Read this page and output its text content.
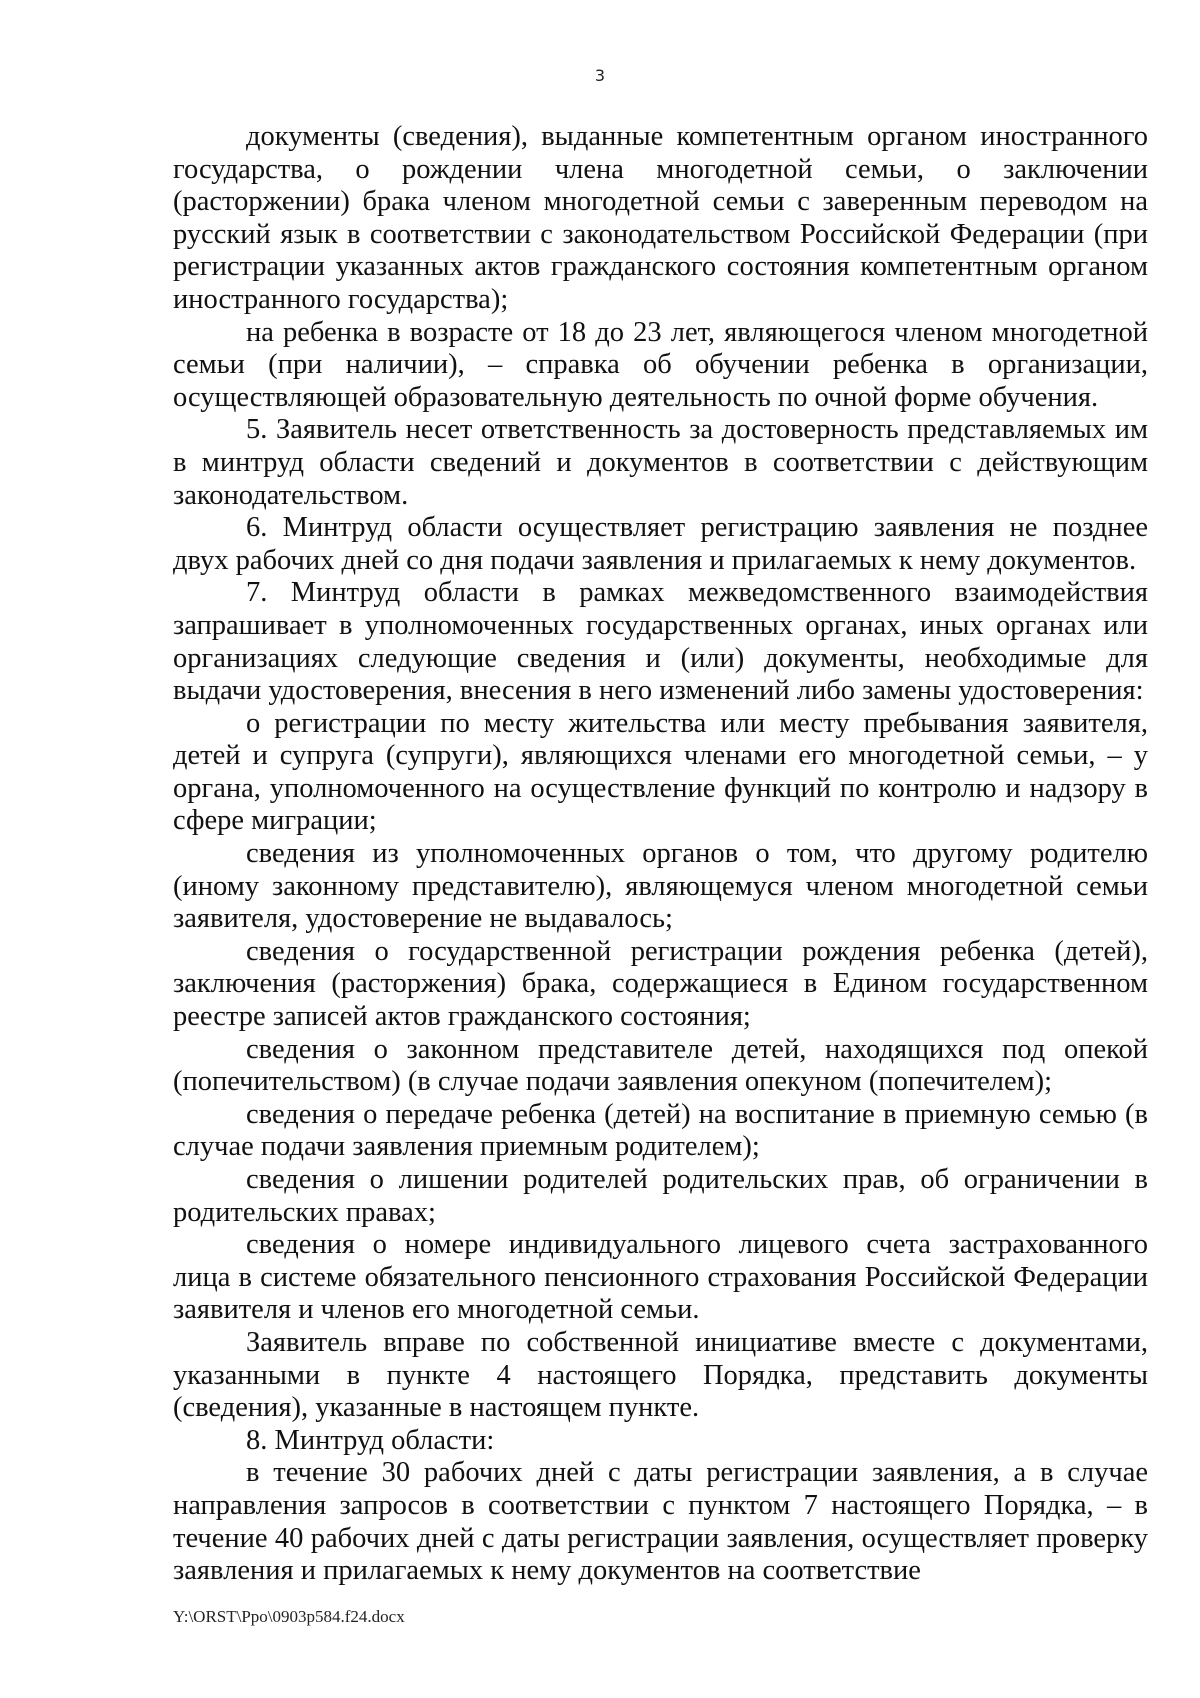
3

документы (сведения), выданные компетентным органом иностранного государства, о рождении члена многодетной семьи, о заключении (расторжении) брака членом многодетной семьи с заверенным переводом на русский язык в соответствии с законодательством Российской Федерации (при регистрации указанных актов гражданского состояния компетентным органом иностранного государства);

на ребенка в возрасте от 18 до 23 лет, являющегося членом многодетной семьи (при наличии), – справка об обучении ребенка в организации, осуществляющей образовательную деятельность по очной форме обучения.

5. Заявитель несет ответственность за достоверность представляемых им в минтруд области сведений и документов в соответствии с действующим законодательством.

6. Минтруд области осуществляет регистрацию заявления не позднее двух рабочих дней со дня подачи заявления и прилагаемых к нему документов.

7. Минтруд области в рамках межведомственного взаимодействия запрашивает в уполномоченных государственных органах, иных органах или организациях следующие сведения и (или) документы, необходимые для выдачи удостоверения, внесения в него изменений либо замены удостоверения:

о регистрации по месту жительства или месту пребывания заявителя, детей и супруга (супруги), являющихся членами его многодетной семьи, – у органа, уполномоченного на осуществление функций по контролю и надзору в сфере миграции;

сведения из уполномоченных органов о том, что другому родителю (иному законному представителю), являющемуся членом многодетной семьи заявителя, удостоверение не выдавалось;

сведения о государственной регистрации рождения ребенка (детей), заключения (расторжения) брака, содержащиеся в Едином государственном реестре записей актов гражданского состояния;

сведения о законном представителе детей, находящихся под опекой (попечительством) (в случае подачи заявления опекуном (попечителем);

сведения о передаче ребенка (детей) на воспитание в приемную семью (в случае подачи заявления приемным родителем);

сведения о лишении родителей родительских прав, об ограничении в родительских правах;

сведения о номере индивидуального лицевого счета застрахованного лица в системе обязательного пенсионного страхования Российской Федерации заявителя и членов его многодетной семьи.

Заявитель вправе по собственной инициативе вместе с документами, указанными в пункте 4 настоящего Порядка, представить документы (сведения), указанные в настоящем пункте.

8. Минтруд области:

в течение 30 рабочих дней с даты регистрации заявления, а в случае направления запросов в соответствии с пунктом 7 настоящего Порядка, – в течение 40 рабочих дней с даты регистрации заявления, осуществляет проверку заявления и прилагаемых к нему документов на соответствие

Y:\ORST\Ppo\0903p584.f24.docx
